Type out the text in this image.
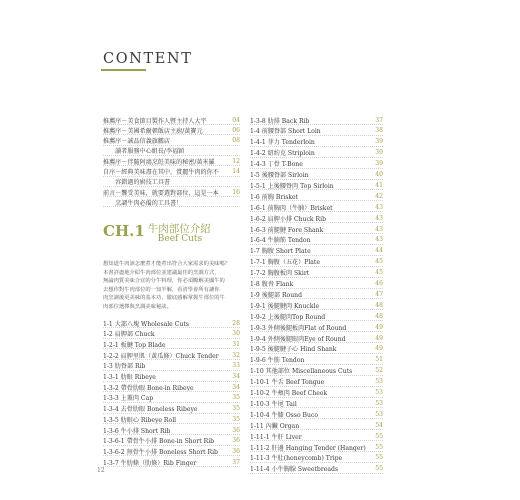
CONTENT
推薦序－美食節目製作人暨主持人大宇	04
推薦序－美國希爾頓飯店主廚/黃寶元	06
推薦序－誠品信義旗艦店	08
　　讀者服務中心組長/李福穎
推薦序－伴隨阿鴻烹飪美味的秘密/黃米羅	12
自序－經典美味盡在其中，賞麗牛肉的你不	14
　　容錯過的廚技工具書
前言－饗受美味，就要選對部位，這是一本	16
　　烹調牛肉必備的工具書！
CH.1 牛肉部位介紹
Beef Cuts

想知道牛肉該怎麼煮才能煮出符合大家需求的美味嗎？

本書詳盡地介紹牛肉部位並建議最佳的烹調方式，

無論肉質美味合宜的分牛料理，你必須瞭解美國牛的

去想你對牛肉部位的一知半解，看清學會所有讓你

肉烹調後更美味的基本功，徹底感解掌握牛部位的牛

肉部位選擇與烹調美味秘訣。

1-1 大部八塊 Wholesale Cuts	28
1-2 肩胛部 Chuck	30
1-2-1 板腱 Top Blade	31
1-2-2 肩胛里肌（黃瓜條）Chuck Tender	32
1-3 肋脊部 Rib	33
1-3-1 肋眼 Ribeye	34
1-3-2 帶骨肋眼 Bone-in Ribeye	34
1-3-3 上蓋肉 Cap	35
1-3-4 去骨肋眼 Boneless Ribeye	35
1-3-5 肋眼心 Ribeye Roll	35
1-3-6 牛小排 Short Rib	36
1-3-6-1 帶骨牛小排 Bone-in Short Rib	36
1-3-6-2 無骨牛小排 Boneless Short Rib	36
1-3-7 牛肋條（肋條）Rib Finger	37
1-3-8 肋排 Back Rib	37
1-4 前腰脊部 Short Loin	38
1-4-1 菲力 Tenderloin	39
1-4-2 紐約克 Striploin	39
1-4-3 丁骨 T-Bone	39
1-5 後腰脊部 Sirloin	40
1-5-1 上後腰脊肉 Top Sirloin	41
1-6 前胸 Brisket	42
1-6-1 前胸肉（牛腩）Brisket	43
1-6-2 肩胛小排 Chuck Rib	43
1-6-3 前腿腱 Fore Shank	43
1-6-4 牛腩筋 Tendon	43
1-7 胸腹 Short Plate	44
1-7-1 胸腹（五花）Plate	45
1-7-2 胸腹板肉 Skirt	45
1-8 腹脅 Flank	46
1-9 後腿部 Round	47
1-9-1 後腿腱肉 Knuckle	48
1-9-2 上後腿肉Top Round	48
1-9-3 外側後腿板肉Flat of Round	49
1-9-4 外側後腿眼肉Eye of Round	49
1-9-5 後腿腱子心 Hind Shank	49
1-9-6 牛筋 Tendon	51
1-10 其他部位 Miscellaneous Cuts	52
1-10-1 牛舌 Beef Tongue	53
1-10-2 牛頰肉 Beef Cheek	53
1-10-3 牛尾 Tail	53
1-10-4 牛膝 Osso Buco	53
1-11 內臟 Organ	54
1-11-1 牛肝 Liver	55
1-11-2 肝邊 Hanging Tender (Hanger)	55
1-11-3 牛肚(honeycomb) Tripe	55
1-11-4 小牛胸腺 Sweetbreads	55
12
